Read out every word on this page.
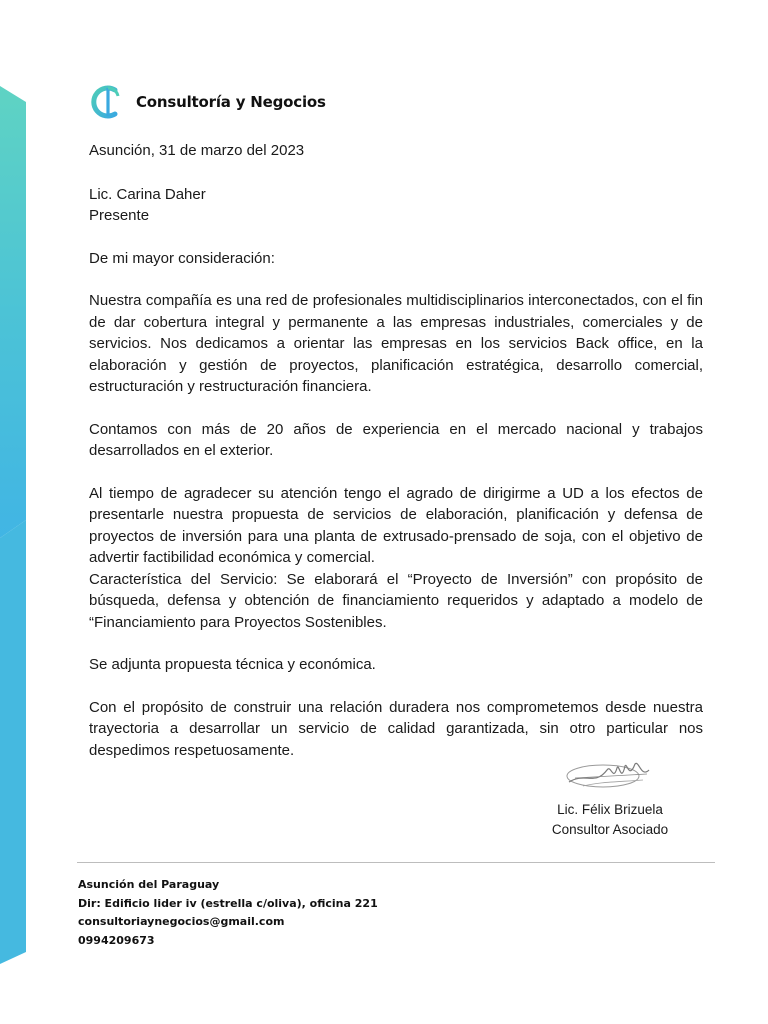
Consultoría y Negocios

Asunción, 31 de marzo del 2023

Lic. Carina Daher

Presente

De mi mayor consideración:

Nuestra compañía es una red de profesionales multidisciplinarios interconectados, con el fin de dar cobertura integral y permanente a las empresas industriales, comerciales y de servicios. Nos dedicamos a orientar las empresas en los servicios Back office, en la elaboración y gestión de proyectos, planificación estratégica, desarrollo comercial, estructuración y restructuración financiera.

Contamos con más de 20 años de experiencia en el mercado nacional y trabajos desarrollados en el exterior.

Al tiempo de agradecer su atención tengo el agrado de dirigirme a UD a los efectos de presentarle nuestra propuesta de servicios de elaboración, planificación y defensa de proyectos de inversión para una planta de extrusado-prensado de soja, con el objetivo de advertir factibilidad económica y comercial.

Característica del Servicio: Se elaborará el “Proyecto de Inversión” con propósito de búsqueda, defensa y obtención de financiamiento requeridos y adaptado a modelo de “Financiamiento para Proyectos Sostenibles.

Se adjunta propuesta técnica y económica.

Con el propósito de construir una relación duradera nos comprometemos desde nuestra trayectoria a desarrollar un servicio de calidad garantizada, sin otro particular nos despedimos respetuosamente.

Lic. Félix Brizuela
Consultor Asociado
Asunción del Paraguay
Dir: Edificio lider iv (estrella c/oliva), oficina 221
consultoriaynegocios@gmail.com
0994209673
